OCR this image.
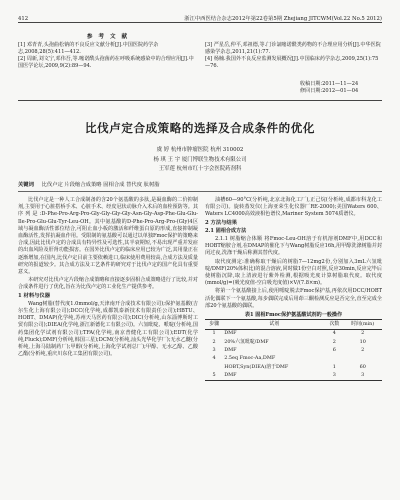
412	浙江中西医结合杂志2012年第22卷第5期 Zhejiang JITCWM(Vol.22 No.5 2012)
参 考 文 献

[1] 邓青青,头孢曲松钠的不良反应文献分析[J].中国医院药学杂志,2008,28(5):411—412.

[2] 周新,刘文宁,邓伟吾,等.噻诺酰头孢菌药在呼吸系统感染中的合理应用[J].中国医学论坛,2009,9(2):89—94.

[3] 严星岳,仲平,邓祖德,等.门诊氯噻诺酰类药物的不合理应用分析[J].中华医院感染学杂志,2011,21(1):77.

[4] 杨楠.我国外不良反应监测发展概况[J].中国临床药学杂志,2009,25(1):75—76.

收稿日期:2011—11—24
修回日期:2012—01—04
比伐卢定合成策略的选择及合成条件的优化
虞 婷 杭州市肿瘤医院 杭州 310002
杨 琪 王 宇 厦门博联生物技术有限公司
王军莲 杭州市红十字会医院药剂科
关键词 比伐卢定 片段缩合成策略 固相合成 替代度 肽树脂

比伐卢定是一种人工合成制备的含20个氨基酸的多肽,是凝血酶的二价抑制剂,主要用于心脏搭桥手术、心脏手术、经皮冠状动脉介入术后的血栓预防等。其序列是:D-Phe-Pro-Arg-Pro-Gly-Gly-Gly-Gly-Asn-Gly-Asp-Phe-Glu-Glu-Ile-Pro-Glu-Glu-Tyr-Leu-OH。其中氨基酸的D-Phe-Pro-Arg-Pro-(Gly)4区域与凝血酶活性部位结合,可阻止血小板的激活和纤维蛋白原的形成,直接抑制凝血酶活性,发挥抗凝血作用。受限制的氨基酸可以通过以单独Fmoc保护的策略来合成,因此比伐卢定的合成具有特异性及可选性,其半衰期短,不易出现严重并发症的出血风险及肝肾功能损害。在国外比伐卢定的临床应用已较为广泛,其用量正在逐渐增加,在国内,比伐卢定目前主要依赖进口,临床使用费用较高,合成方法及质量研究的报道较少。其合成方法及工艺条件的研究对于比伐卢定的国产化具有重要意义。

本研究对比伐卢定片段缩合成策略和直接逐步固相合成策略进行了比较,并对合成条件进行了优化,旨在为比伐卢定的工业化生产提供参考。

1 材料与仪器

Wang树脂(替代度1.0mmol/g,天津南开合成技术有限公司);保护氨基酸(吉尔生化上海有限公司);DCC(化学纯,成都凯泰新技术有限责任公司);HBTU、HOBT、DMAP(化学纯,苏州天马医药有限公司);DIC(分析纯,山东淄博斯时工贸有限公司);DIEA(化学纯,浙江新德化工有限公司)。六氢吡啶、哌啶(分析纯,国药集团化学试剂有限公司);TFA(化学纯,南京普健化工有限公司);EDT(化学纯,Fluck);DMF(分析纯,韩国三星);DCM(分析纯,汕头光华化学厂);无水乙醚(分析纯,上海马陆制药厂);甲醇(分析纯,上海化学试剂总厂);甲醇、无水乙醇、乙酸乙酯(分析纯,重庆川东化工集团有限公司)。

油槽60—90°C(分析纯,北京北海化工厂),正己烷(分析纯,成都市科龙化工有限公司)。旋转蒸发仪(上海亚荣生化仪器厂RE-2000);美国Waters 600、Waters LC4000高效液相色谱仪,Mariner System 5074质谱仪。

2 方法与结果
2.1 固相合成方法

2.1.1 树脂缩合体顺 将Fmoc-Leu-OH溶于有机溶剂DMF中,用DCC和HOBT缩胺合剂,在DMAP的催化下与Wang树脂反应16h,用甲醇洗涤树脂并封闭过夜,洗涤干燥后称测其替代度。

取代度测定:准确称取干燥后的树脂7—12mg2份,分别加入3mL六氢吡啶/DMF(20%体积比)的混合溶液,同时做1份空白对照,反应30min,反应完毕后使树脂沉降,取上清液进行紫外检测,根据吸光度计算树脂取代度。取代度(mmol/g)=(吸光度值-空白吸光度值)×V/(7.8×m)。

将第一个氨基酸接上后,使用哌啶脱去Fmoc保护基,再依次用DCC/HOBT活化偶联下一个氨基酸,每步偶联完成后用茚三酮检测反应是否完全,直至完成全部20个氨基酸的偶联。

表1 固相Fmoc保护氨基酸试剂的一般操作
步骤	试剂	次数	时间(min)
1	DMF	4	2
2	20%六氢吡啶/DMF	2	10
3	DMF	6	2
4	2.5eq Fmoc-Aa,DMF		
	HOBT,Syn(DIEA)溶于DMF	1	60
5	DMF	3	3
